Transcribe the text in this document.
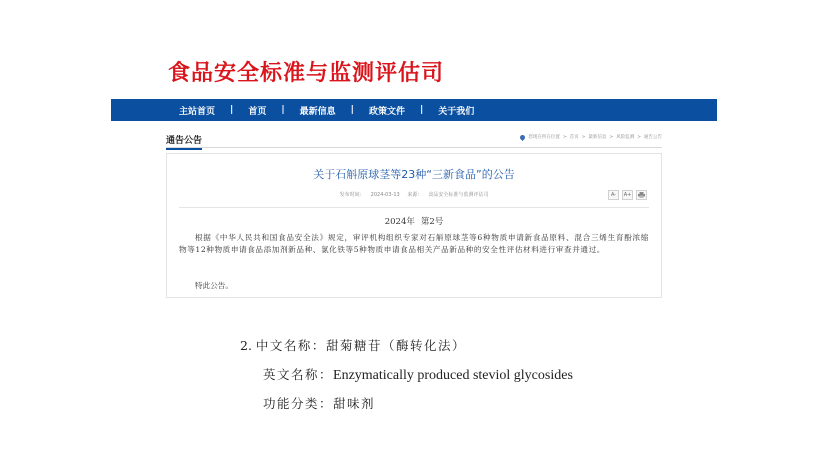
食品安全标准与监测评估司
主站首页 | 首页 | 最新信息 | 政策文件 | 关于我们
通告公告	您现在所在位置 > 首页 > 最新信息 > 风险监测 > 通告公告
关于石斛原球茎等23种“三新食品”的公告
发布时间： 2024-03-13 来源： 食品安全标准与监测评估司	A-	A+
2024年 第2号
根据《中华人民共和国食品安全法》规定，审评机构组织专家对石斛原球茎等6种物质申请新食品原料、混合三烯生育酚浓缩物等12种物质申请食品添加剂新品种、氯化铁等5种物质申请食品相关产品新品种的安全性评估材料进行审查并通过。
特此公告。
2. 中文名称：甜菊糖苷（酶转化法）
英文名称：Enzymatically produced steviol glycosides
功能分类：甜味剂
